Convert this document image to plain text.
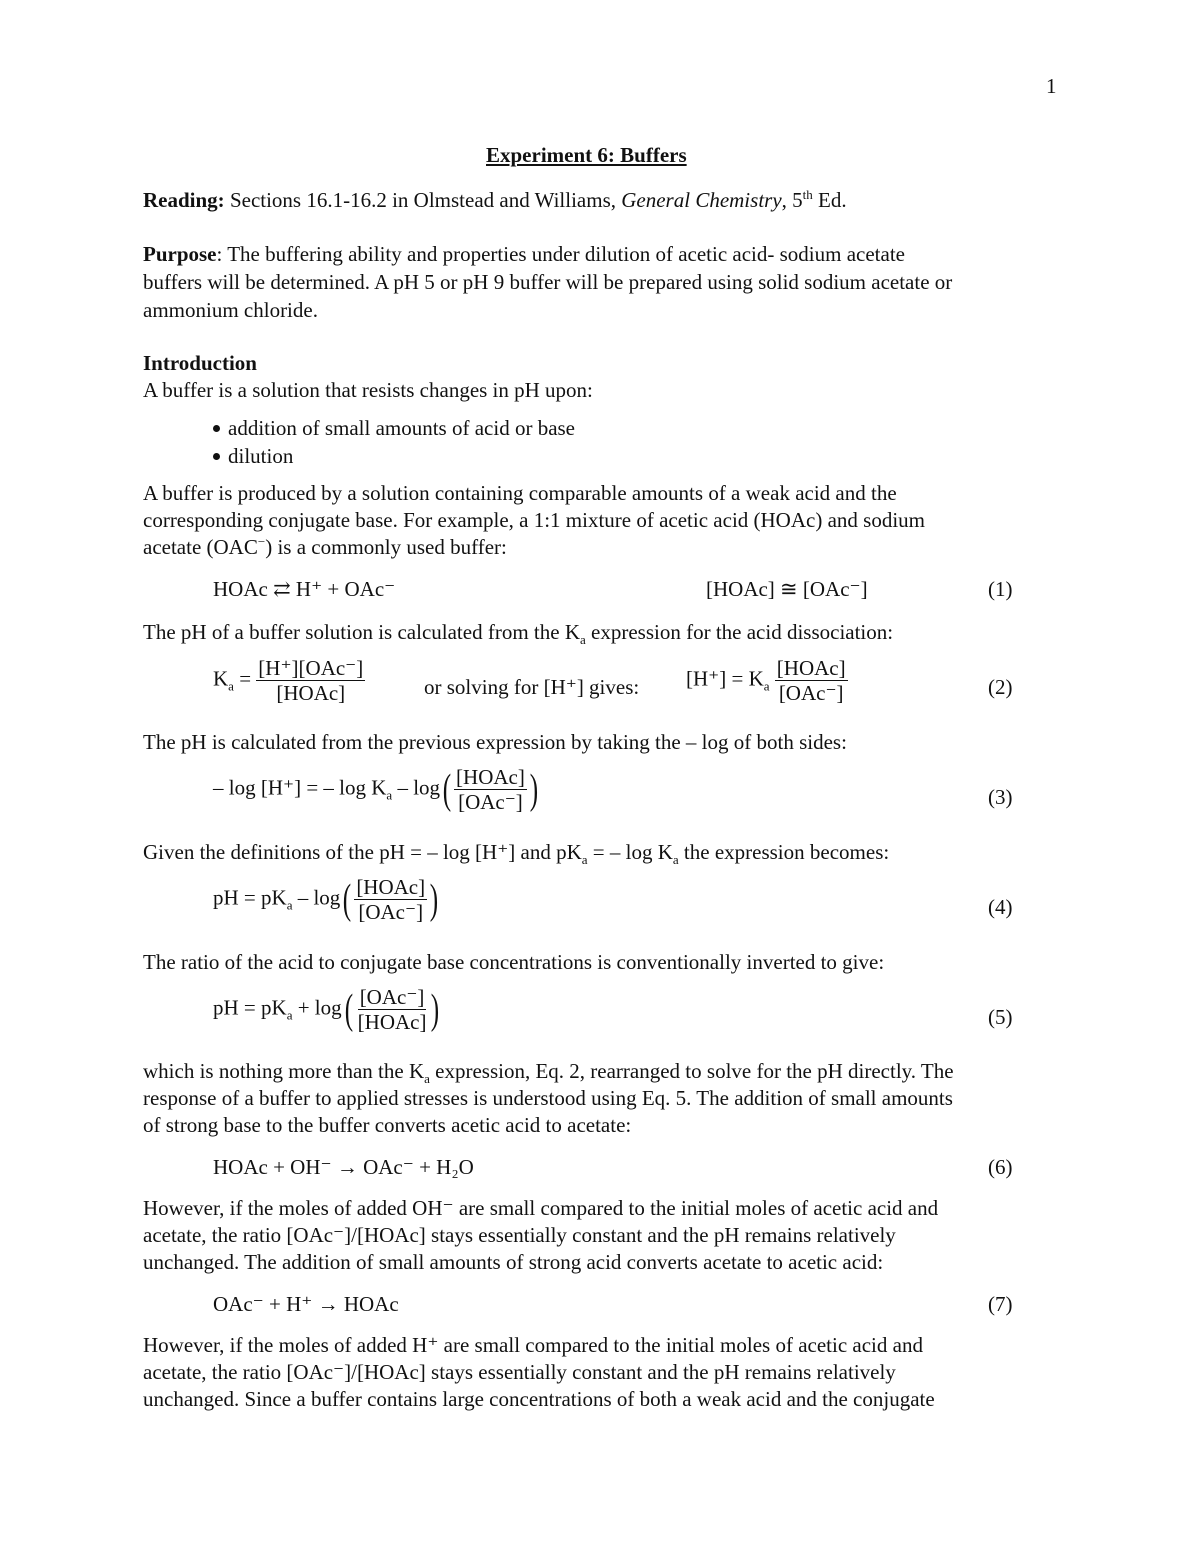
1
Experiment 6: Buffers
Reading: Sections 16.1-16.2 in Olmstead and Williams, General Chemistry, 5th Ed.
Purpose: The buffering ability and properties under dilution of acetic acid- sodium acetate
buffers will be determined. A pH 5 or pH 9 buffer will be prepared using solid sodium acetate or
ammonium chloride.
Introduction
A buffer is a solution that resists changes in pH upon:
addition of small amounts of acid or base
dilution
A buffer is produced by a solution containing comparable amounts of a weak acid and the
corresponding conjugate base. For example, a 1:1 mixture of acetic acid (HOAc) and sodium
acetate (OAC−) is a commonly used buffer:
HOAc ⇄ H⁺ + OAc⁻	[HOAc] ≅ [OAc⁻]	(1)
The pH of a buffer solution is calculated from the $K_a$ expression for the acid dissociation:
$K_a = \frac{\text{[H⁺][OAc⁻]}}{\text{[HOAc]}}$	or solving for [H⁺] gives: $[H^+] = K_a \frac{\text{[HOAc]}}{\text{[OAc⁻]}}$	(2)
The pH is calculated from the previous expression by taking the – log of both sides:
– log [H⁺] = – $\log K_a$ – log ( $\frac{\text{[HOAc]}}{\text{[OAc⁻]}}$ )	(3)
Given the definitions of the pH = – log [H⁺] and $pK_a$ = – $\log K_a$ the expression becomes:
pH = $pK_a$ – log ( $\frac{\text{[HOAc]}}{\text{[OAc⁻]}}$ )	(4)
The ratio of the acid to conjugate base concentrations is conventionally inverted to give:
pH = $pK_a + \log$ ( $\frac{\text{[OAc⁻]}}{\text{[HOAc]}}$ )	(5)
which is nothing more than the $K_a$ expression, Eq. 2, rearranged to solve for the pH directly. The
response of a buffer to applied stresses is understood using Eq. 5. The addition of small amounts
of strong base to the buffer converts acetic acid to acetate:
HOAc + OH⁻ → OAc⁻ + H₂O	(6)
However, if the moles of added OH⁻ are small compared to the initial moles of acetic acid and
acetate, the ratio [OAc⁻]/[HOAc] stays essentially constant and the pH remains relatively
unchanged. The addition of small amounts of strong acid converts acetate to acetic acid:
OAc⁻ + H⁺ → HOAc	(7)
However, if the moles of added H⁺ are small compared to the initial moles of acetic acid and
acetate, the ratio [OAc⁻]/[HOAc] stays essentially constant and the pH remains relatively
unchanged. Since a buffer contains large concentrations of both a weak acid and the conjugate
